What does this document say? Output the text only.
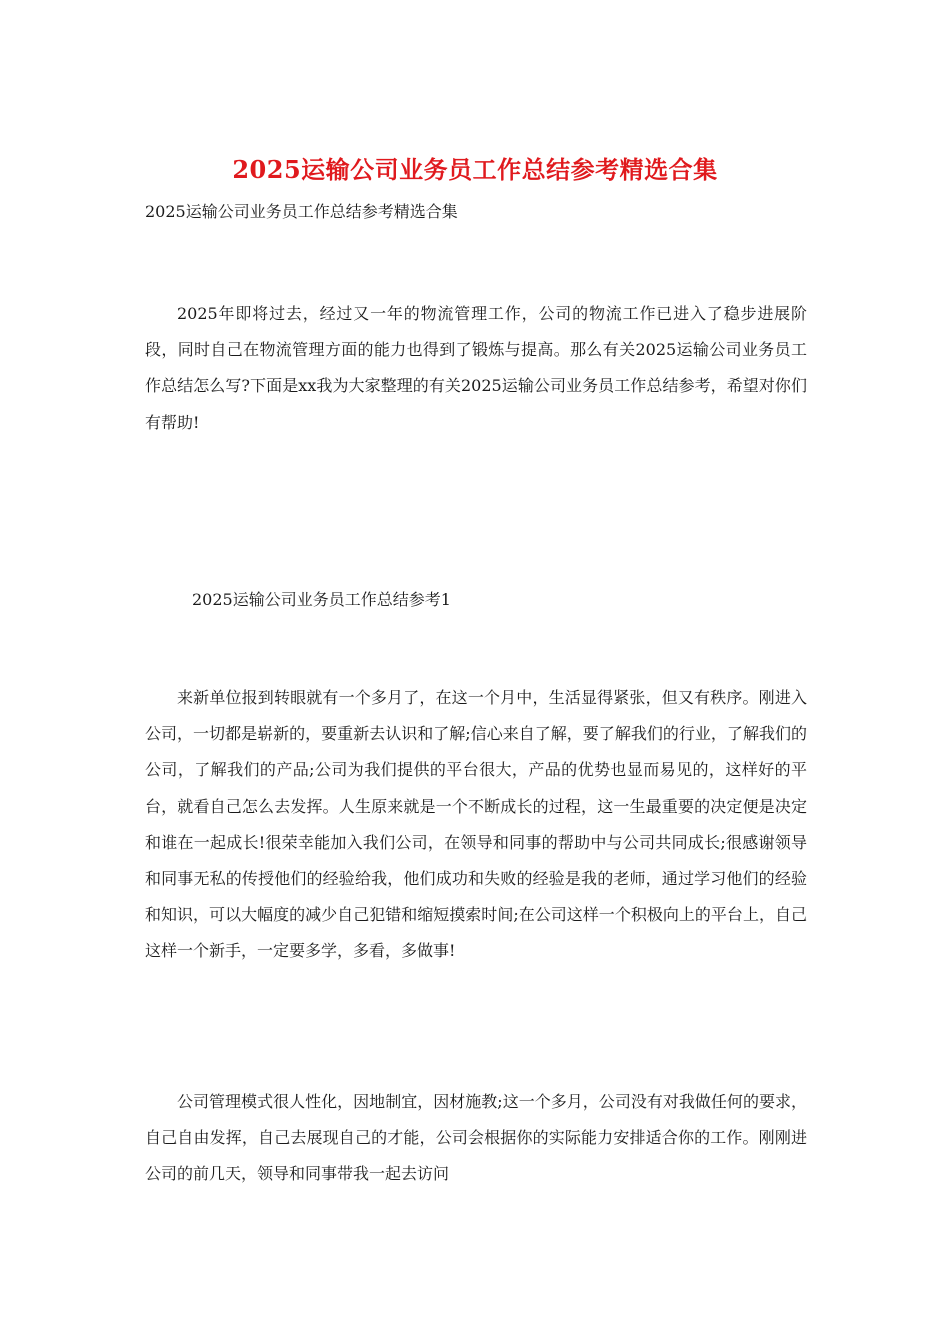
2025运输公司业务员工作总结参考精选合集
2025运输公司业务员工作总结参考精选合集

2025年即将过去，经过又一年的物流管理工作，公司的物流工作已进入了稳步进展阶段，同时自己在物流管理方面的能力也得到了锻炼与提高。那么有关2025运输公司业务员工作总结怎么写?下面是xx我为大家整理的有关2025运输公司业务员工作总结参考，希望对你们有帮助!

2025运输公司业务员工作总结参考1

来新单位报到转眼就有一个多月了，在这一个月中，生活显得紧张，但又有秩序。刚进入公司，一切都是崭新的，要重新去认识和了解;信心来自了解，要了解我们的行业，了解我们的公司，了解我们的产品;公司为我们提供的平台很大，产品的优势也显而易见的，这样好的平台，就看自己怎么去发挥。人生原来就是一个不断成长的过程，这一生最重要的决定便是决定和谁在一起成长!很荣幸能加入我们公司，在领导和同事的帮助中与公司共同成长;很感谢领导和同事无私的传授他们的经验给我，他们成功和失败的经验是我的老师，通过学习他们的经验和知识，可以大幅度的减少自己犯错和缩短摸索时间;在公司这样一个积极向上的平台上，自己这样一个新手，一定要多学，多看，多做事!

公司管理模式很人性化，因地制宜，因材施教;这一个多月，公司没有对我做任何的要求，自己自由发挥，自己去展现自己的才能，公司会根据你的实际能力安排适合你的工作。刚刚进公司的前几天，领导和同事带我一起去访问
